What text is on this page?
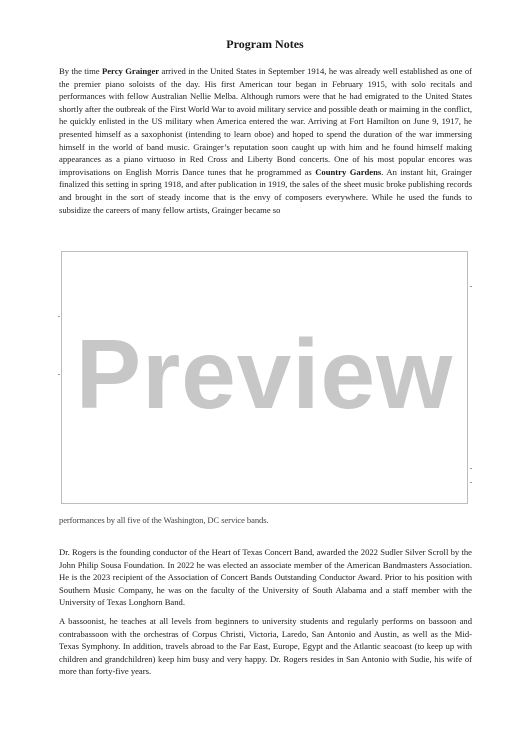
Program Notes

By the time Percy Grainger arrived in the United States in September 1914, he was already well established as one of the premier piano soloists of the day. His first American tour began in February 1915, with solo recitals and performances with fellow Australian Nellie Melba. Although rumors were that he had emigrated to the United States shortly after the outbreak of the First World War to avoid military service and possible death or maiming in the conflict, he quickly enlisted in the US military when America entered the war. Arriving at Fort Hamilton on June 9, 1917, he presented himself as a saxophonist (intending to learn oboe) and hoped to spend the duration of the war immersing himself in the world of band music. Grainger’s reputation soon caught up with him and he found himself making appearances as a piano virtuoso in Red Cross and Liberty Bond concerts. One of his most popular encores was improvisations on English Morris Dance tunes that he programmed as Country Gardens. An instant hit, Grainger finalized this setting in spring 1918, and after publication in 1919, the sales of the sheet music broke publishing records and brought in the sort of steady income that is the envy of composers everywhere. While he used the funds to subsidize the careers of many fellow artists, Grainger became so

performances by all five of the Washington, DC service bands.

Dr. Rogers is the founding conductor of the Heart of Texas Concert Band, awarded the 2022 Sudler Silver Scroll by the John Philip Sousa Foundation. In 2022 he was elected an associate member of the American Bandmasters Association. He is the 2023 recipient of the Association of Concert Bands Outstanding Conductor Award. Prior to his position with Southern Music Company, he was on the faculty of the University of South Alabama and a staff member with the University of Texas Longhorn Band.

A bassoonist, he teaches at all levels from beginners to university students and regularly performs on bassoon and contrabassoon with the orchestras of Corpus Christi, Victoria, Laredo, San Antonio and Austin, as well as the Mid-Texas Symphony. In addition, travels abroad to the Far East, Europe, Egypt and the Atlantic seacoast (to keep up with children and grandchildren) keep him busy and very happy. Dr. Rogers resides in San Antonio with Sudie, his wife of more than forty-five years.

Preview
